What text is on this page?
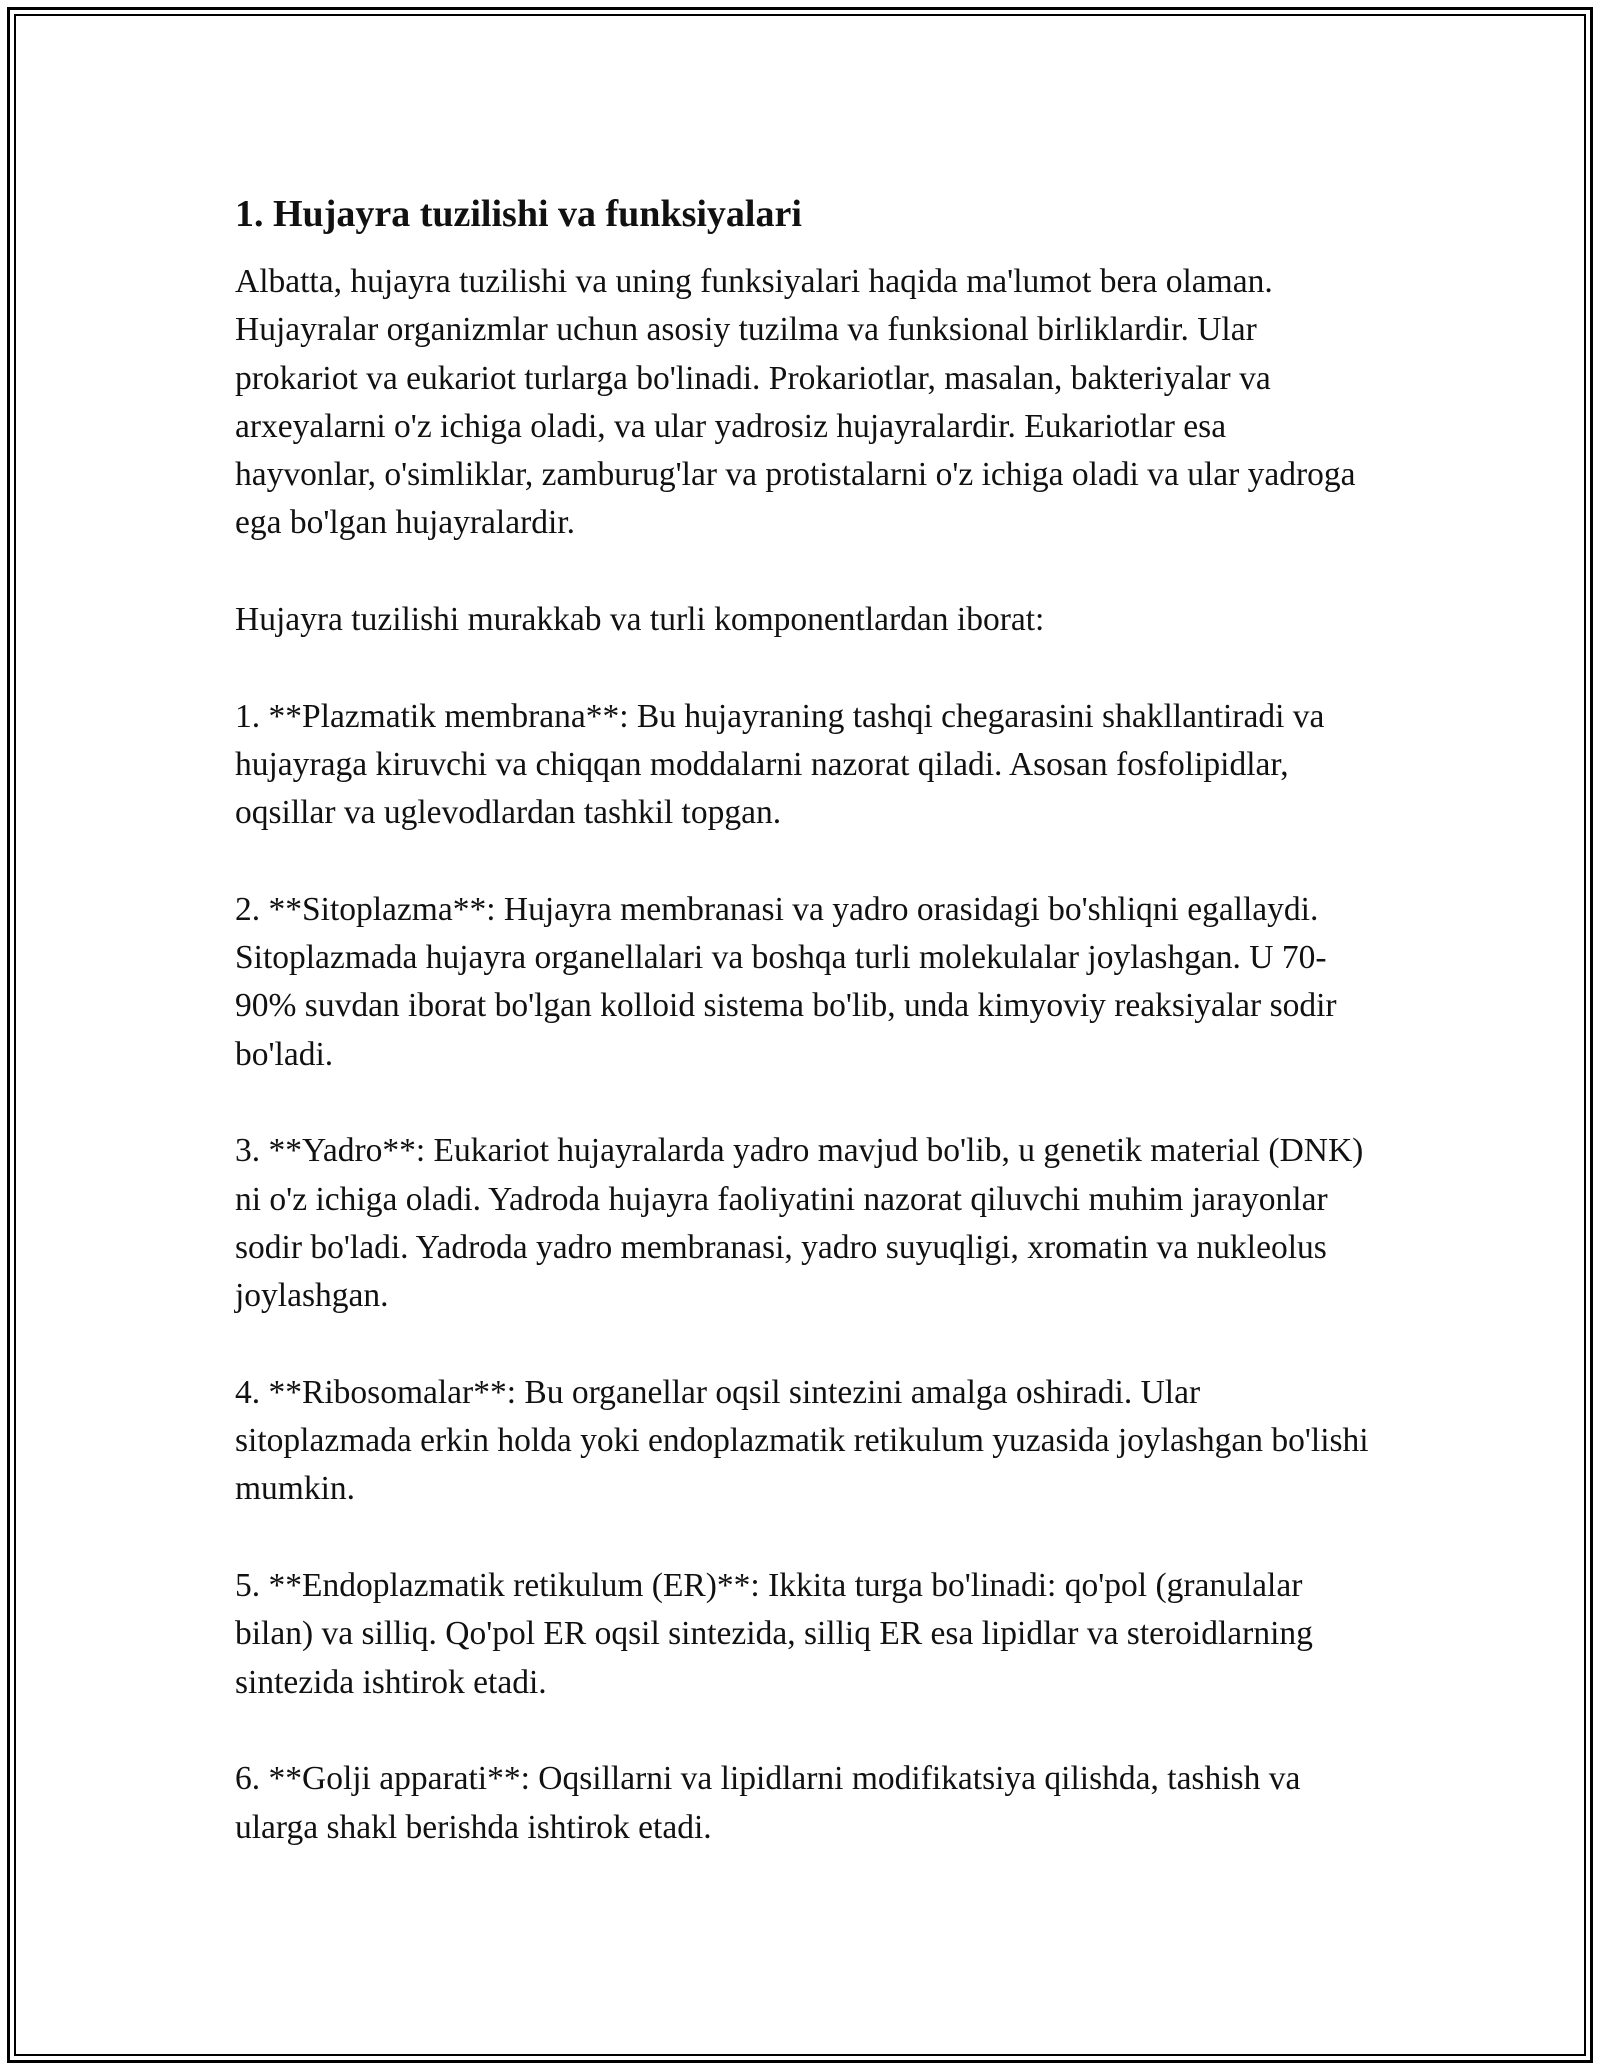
1. Hujayra tuzilishi va funksiyalari

Albatta, hujayra tuzilishi va uning funksiyalari haqida ma'lumot bera olaman. Hujayralar organizmlar uchun asosiy tuzilma va funksional birliklardir. Ular prokariot va eukariot turlarga bo'linadi. Prokariotlar, masalan, bakteriyalar va arxeyalarni o'z ichiga oladi, va ular yadrosiz hujayralardir. Eukariotlar esa hayvonlar, o'simliklar, zamburug'lar va protistalarni o'z ichiga oladi va ular yadroga ega bo'lgan hujayralardir.

Hujayra tuzilishi murakkab va turli komponentlardan iborat:

1. **Plazmatik membrana**: Bu hujayraning tashqi chegarasini shakllantiradi va hujayraga kiruvchi va chiqqan moddalarni nazorat qiladi. Asosan fosfolipidlar, oqsillar va uglevodlardan tashkil topgan.

2. **Sitoplazma**: Hujayra membranasi va yadro orasidagi bo'shliqni egallaydi. Sitoplazmada hujayra organellalari va boshqa turli molekulalar joylashgan. U 70-90% suvdan iborat bo'lgan kolloid sistema bo'lib, unda kimyoviy reaksiyalar sodir bo'ladi.

3. **Yadro**: Eukariot hujayralarda yadro mavjud bo'lib, u genetik material (DNK) ni o'z ichiga oladi. Yadroda hujayra faoliyatini nazorat qiluvchi muhim jarayonlar sodir bo'ladi. Yadroda yadro membranasi, yadro suyuqligi, xromatin va nukleolus joylashgan.

4. **Ribosomalar**: Bu organellar oqsil sintezini amalga oshiradi. Ular sitoplazmada erkin holda yoki endoplazmatik retikulum yuzasida joylashgan bo'lishi mumkin.

5. **Endoplazmatik retikulum (ER)**: Ikkita turga bo'linadi: qo'pol (granulalar bilan) va silliq. Qo'pol ER oqsil sintezida, silliq ER esa lipidlar va steroidlarning sintezida ishtirok etadi.

6. **Golji apparati**: Oqsillarni va lipidlarni modifikatsiya qilishda, tashish va ularga shakl berishda ishtirok etadi.
